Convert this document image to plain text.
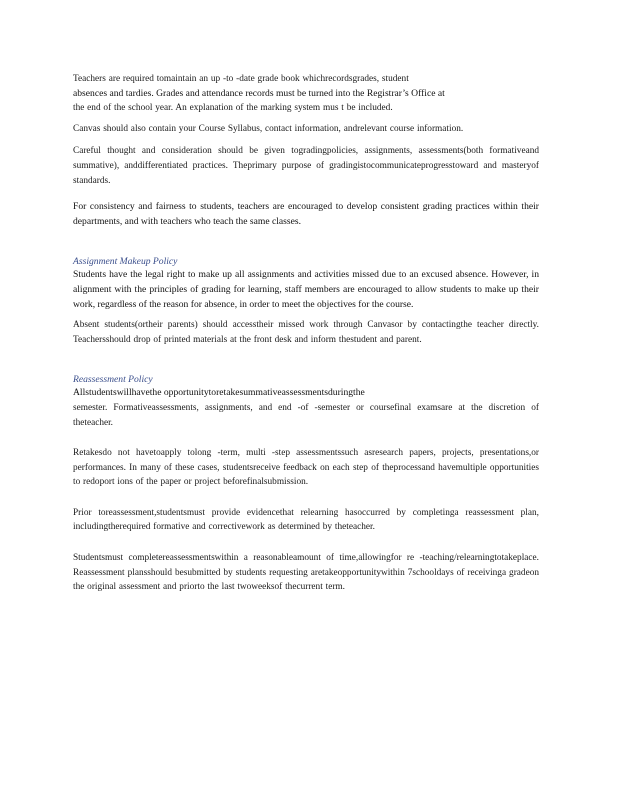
Teachers are required tomaintain an up -to -date grade book whichrecordsgrades, student

absences and tardies. Grades and attendance records must be turned into the Registrar’s Office at

the end of the school year. An explanation of the marking system mus t be included.

Canvas should also contain your Course Syllabus, contact information, andrelevant course information.

Careful thought and consideration should be given togradingpolicies, assignments, assessments(both formativeand summative), anddifferentiated practices. Theprimary purpose of gradingistocommunicateprogresstoward and masteryof standards.

For consistency and fairness to students, teachers are encouraged to develop consistent grading practices within their departments, and with teachers who teach the same classes.

Assignment Makeup Policy

Students have the legal right to make up all assignments and activities missed due to an excused absence. However, in alignment with the principles of grading for learning, staff members are encouraged to allow students to make up their work, regardless of the reason for absence, in order to meet the objectives for the course.

Absent students(ortheir parents) should accesstheir missed work through Canvasor by contactingthe teacher directly. Teachersshould drop of printed materials at the front desk and inform thestudent and parent.

Reassessment Policy

Allstudentswillhavethe opportunitytoretakesummativeassessmentsduringthe

semester. Formativeassessments, assignments, and end -of -semester or coursefinal examsare at the discretion of theteacher.

Retakesdo not havetoapply tolong -term, multi -step assessmentssuch asresearch papers, projects, presentations,or performances. In many of these cases, studentsreceive feedback on each step of theprocessand havemultiple opportunities to redoport ions of the paper or project beforefinalsubmission.

Prior toreassessment,studentsmust provide evidencethat relearning hasoccurred by completinga reassessment plan, includingtherequired formative and correctivework as determined by theteacher.

Studentsmust completereassessmentswithin a reasonableamount of time,allowingfor re -teaching/relearningtotakeplace. Reassessment plansshould besubmitted by students requesting aretakeopportunitywithin 7schooldays of receivinga gradeon the original assessment and priorto the last twoweeksof thecurrent term.
